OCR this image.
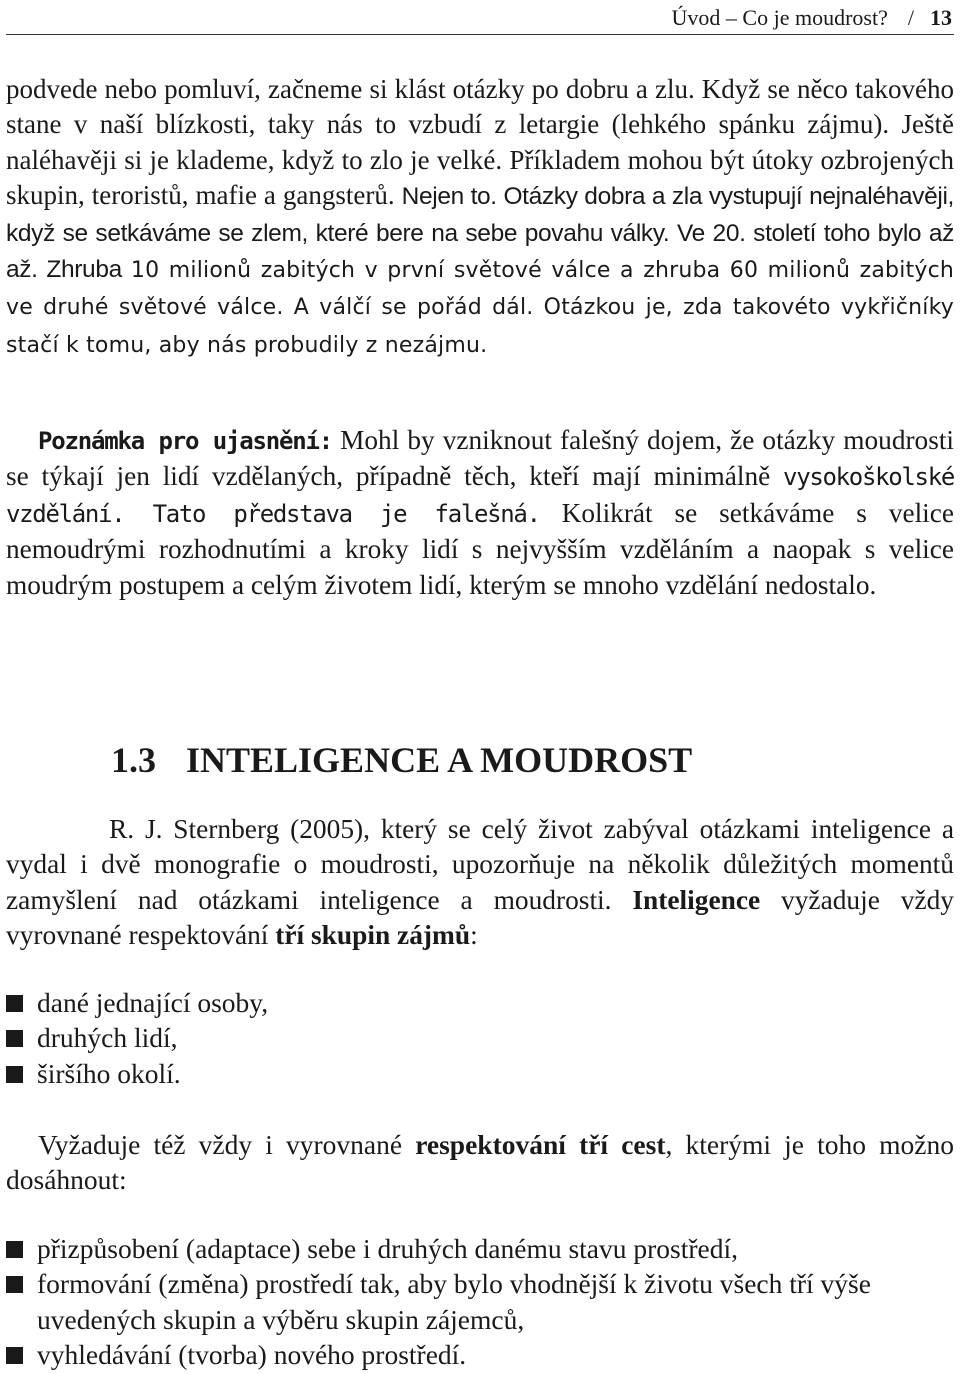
Úvod – Co je moudrost? / 13

podvede nebo pomluví, začneme si klást otázky po dobru a zlu. Když se něco takového stane v naší blízkosti, taky nás to vzbudí z letargie (lehkého spánku zájmu). Ještě naléhavěji si je klademe, když to zlo je velké. Příkladem mohou být útoky ozbrojených skupin, teroristů, mafie a gangsterů. Nejen to. Otázky dobra a zla vystupují nejnaléhavěji, když se setkáváme se zlem, které bere na sebe povahu války. Ve 20. století toho bylo až až. Zhruba 10 milionů zabitých v první světové válce a zhruba 60 milionů zabitých ve druhé světové válce. A válčí se pořád dál. Otázkou je, zda takovéto vykřičníky stačí k tomu, aby nás probudily z nezájmu.

Poznámka pro ujasnění: Mohl by vzniknout falešný dojem, že otázky moudrosti se týkají jen lidí vzdělaných, případně těch, kteří mají minimálně vysokoškolské vzdělání. Tato představa je falešná. Kolikrát se setkáváme s velice nemoudrými rozhodnutími a kroky lidí s nejvyšším vzděláním a naopak s velice moudrým postupem a celým životem lidí, kterým se mnoho vzdělání nedostalo.

1.3 INTELIGENCE A MOUDROST

R. J. Sternberg (2005), který se celý život zabýval otázkami inteligence a vydal i dvě monografie o moudrosti, upozorňuje na několik důležitých momentů zamyšlení nad otázkami inteligence a moudrosti. Inteligence vyžaduje vždy vyrovnané respektování tří skupin zájmů:

dané jednající osoby,
druhých lidí,
širšího okolí.

Vyžaduje též vždy i vyrovnané respektování tří cest, kterými je toho možno dosáhnout:

přizpůsobení (adaptace) sebe i druhých danému stavu prostředí,
formování (změna) prostředí tak, aby bylo vhodnější k životu všech tří výše uvedených skupin a výběru skupin zájemců,
vyhledávání (tvorba) nového prostředí.
